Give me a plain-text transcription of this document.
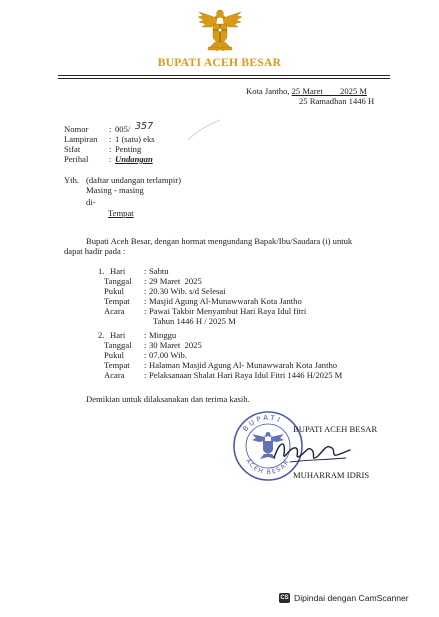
BUPATI ACEH BESAR
Kota Jantho, 25 Maret        2025 M
25 Ramadhan 1446 H
Nomor : 005/ 357
Lampiran : 1 (satu) eks
Sifat	: Penting
Perihal : Undangan
Yth. (daftar undangan terlampir)
Masing - masing
di-
Tempat
Bupati Aceh Besar, dengan hormat mengundang Bapak/Ibu/Saudara (i) untuk
dapat hadir pada :
1. Hari : Sabtu
Tanggal : 29 Maret  2025
Pukul : 20.30 Wib. s/d Selesai
Tempat : Masjid Agung Al-Munawwarah Kota Jantho
Acara : Pawai Takbir Menyambut Hari Raya Idul fitri
Tahun 1446 H / 2025 M
2. Hari : Minggu
Tanggal : 30 Maret  2025
Pukul : 07.00 Wib.
Tempat : Halaman Masjid Agung Al- Munawwarah Kota Jantho
Acara : Pelaksanaan Shalat Hari Raya Idul Fitri 1446 H/2025 M
Demikian untuk dilaksanakan dan terima kasih.
BUPATI
ACEH BESAR
BUPATI ACEH BESAR
MUHARRAM IDRIS
CS Dipindai dengan CamScanner
